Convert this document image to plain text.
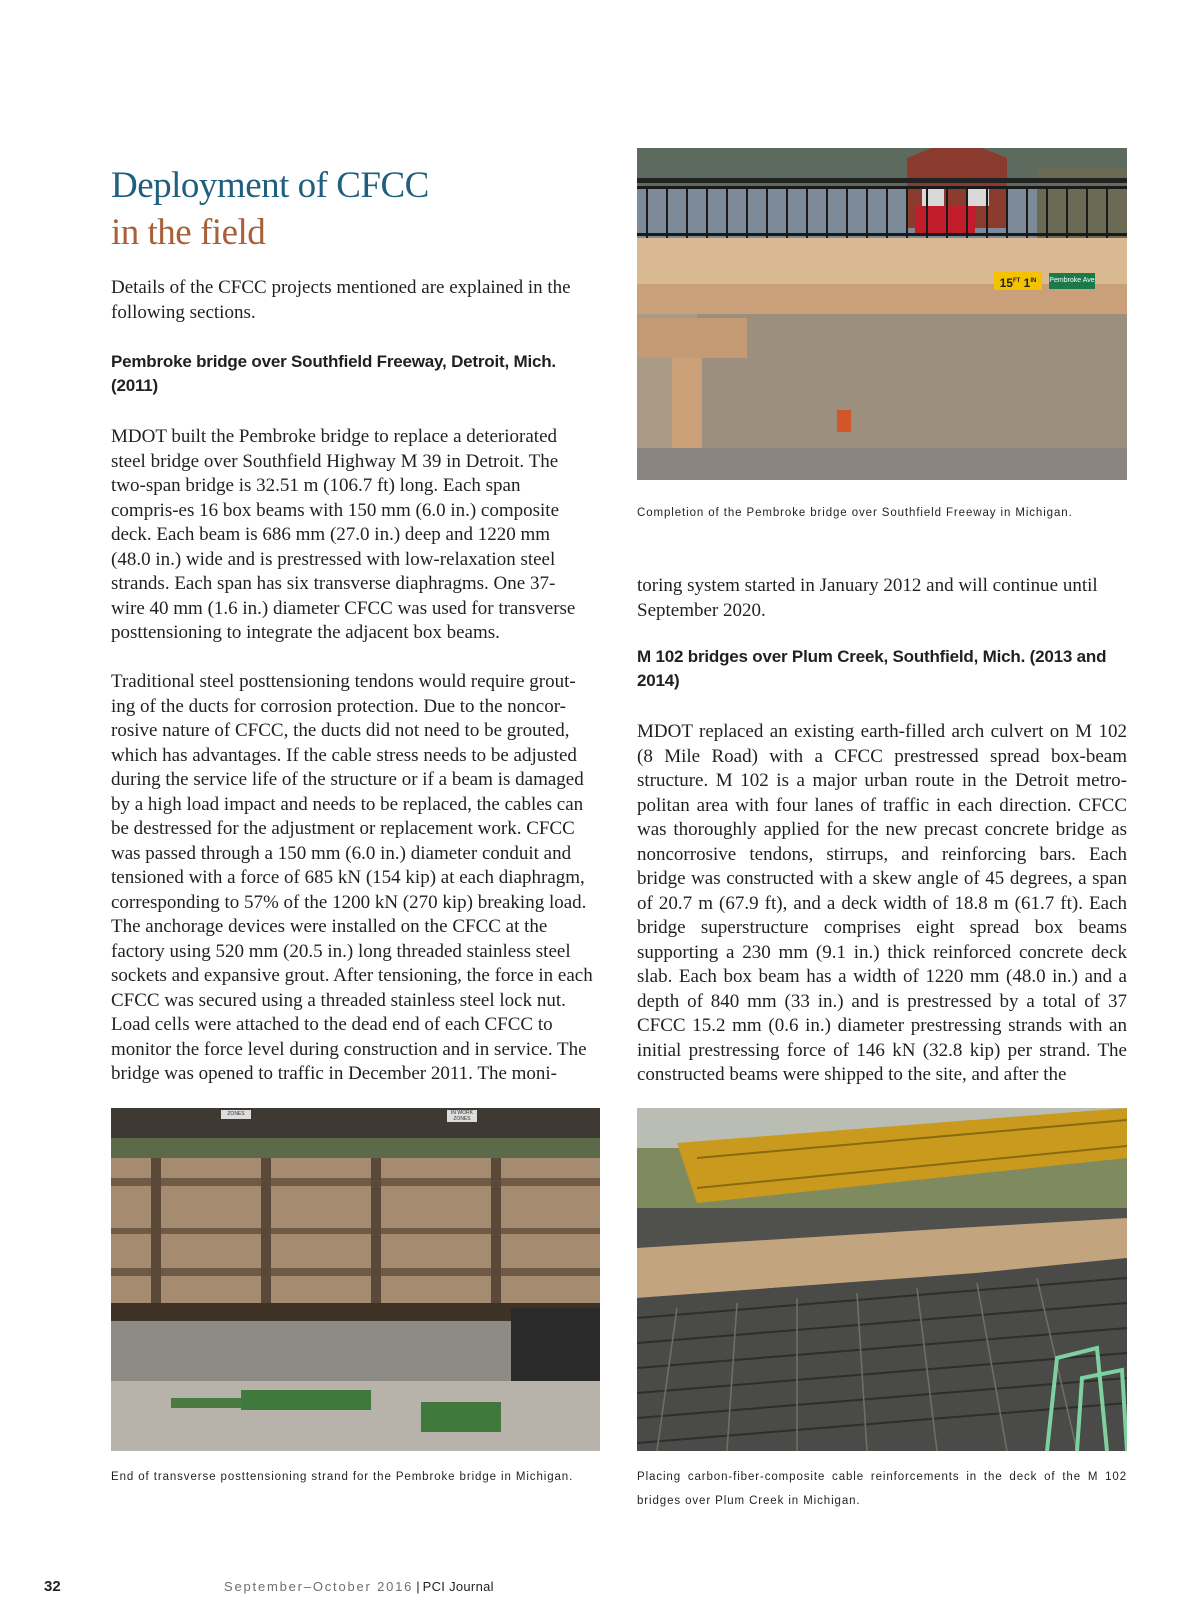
Deployment of CFCC
in the field

Details of the CFCC projects mentioned are explained in the following sections.

Pembroke bridge over Southfield Freeway, Detroit, Mich. (2011)

MDOT built the Pembroke bridge to replace a deteriorated steel bridge over Southfield Highway M 39 in Detroit. The two-span bridge is 32.51 m (106.7 ft) long. Each span compris-es 16 box beams with 150 mm (6.0 in.) composite deck. Each beam is 686 mm (27.0 in.) deep and 1220 mm (48.0 in.) wide and is prestressed with low-relaxation steel strands. Each span has six transverse diaphragms. One 37-wire 40 mm (1.6 in.) diameter CFCC was used for transverse posttensioning to integrate the adjacent box beams.

Traditional steel posttensioning tendons would require grout-ing of the ducts for corrosion protection. Due to the noncor-rosive nature of CFCC, the ducts did not need to be grouted, which has advantages. If the cable stress needs to be adjusted during the service life of the structure or if a beam is damaged by a high load impact and needs to be replaced, the cables can be destressed for the adjustment or replacement work. CFCC was passed through a 150 mm (6.0 in.) diameter conduit and tensioned with a force of 685 kN (154 kip) at each diaphragm, corresponding to 57% of the 1200 kN (270 kip) breaking load. The anchorage devices were installed on the CFCC at the factory using 520 mm (20.5 in.) long threaded stainless steel sockets and expansive grout. After tensioning, the force in each CFCC was secured using a threaded stainless steel lock nut. Load cells were attached to the dead end of each CFCC to monitor the force level during construction and in service. The bridge was opened to traffic in December 2011. The moni-

$15^{FT}$ $1^{IN}$	Pembroke Ave
Completion of the Pembroke bridge over Southfield Freeway in Michigan.

toring system started in January 2012 and will continue until September 2020.

M 102 bridges over Plum Creek, Southfield, Mich. (2013 and 2014)

MDOT replaced an existing earth-filled arch culvert on M 102 (8 Mile Road) with a CFCC prestressed spread box-beam structure. M 102 is a major urban route in the Detroit metro-politan area with four lanes of traffic in each direction. CFCC was thoroughly applied for the new precast concrete bridge as noncorrosive tendons, stirrups, and reinforcing bars. Each bridge was constructed with a skew angle of 45 degrees, a span of 20.7 m (67.9 ft), and a deck width of 18.8 m (61.7 ft). Each bridge superstructure comprises eight spread box beams supporting a 230 mm (9.1 in.) thick reinforced concrete deck slab. Each box beam has a width of 1220 mm (48.0 in.) and a depth of 840 mm (33 in.) and is prestressed by a total of 37 CFCC 15.2 mm (0.6 in.) diameter prestressing strands with an initial prestressing force of 146 kN (32.8 kip) per strand. The constructed beams were shipped to the site, and after the

ZONES	IN WORK ZONES
End of transverse posttensioning strand for the Pembroke bridge in Michigan.	Placing carbon-fiber-composite cable reinforcements in the deck of the M 102 bridges over Plum Creek in Michigan.
32	September–October 2016 | PCI Journal
